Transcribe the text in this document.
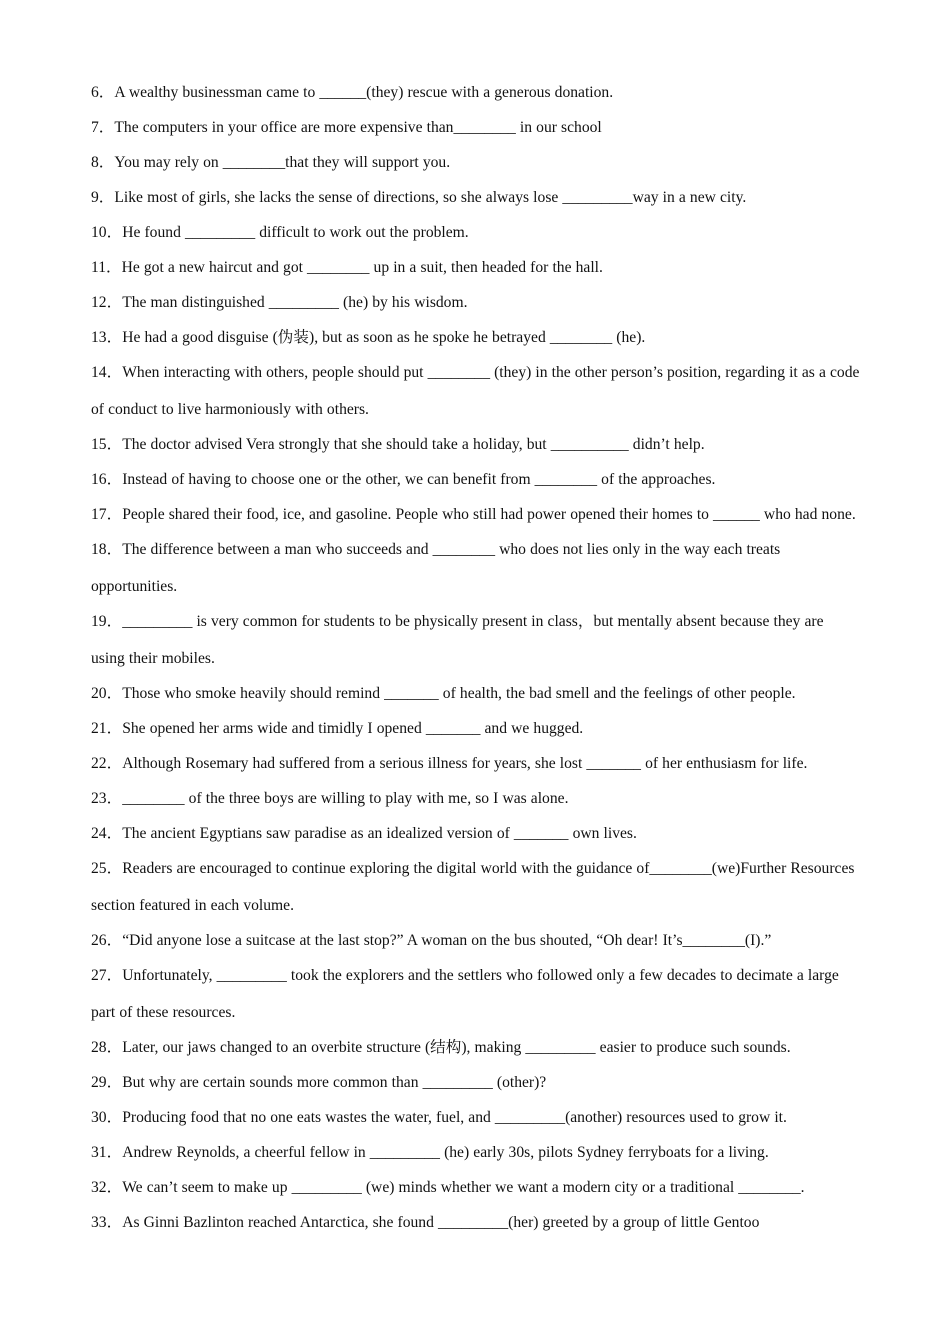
6．A wealthy businessman came to ______(they) rescue with a generous donation.
7．The computers in your office are more expensive than________ in our school
8．You may rely on ________that they will support you.
9．Like most of girls, she lacks the sense of directions, so she always lose _________way in a new city.
10．He found _________ difficult to work out the problem.
11．He got a new haircut and got ________ up in a suit, then headed for the hall.
12．The man distinguished _________ (he) by his wisdom.
13．He had a good disguise (伪装), but as soon as he spoke he betrayed ________ (he).
14．When interacting with others, people should put ________ (they) in the other person’s position, regarding it as a code of conduct to live harmoniously with others.
15．The doctor advised Vera strongly that she should take a holiday, but __________ didn’t help.
16．Instead of having to choose one or the other, we can benefit from ________ of the approaches.
17．People shared their food, ice, and gasoline. People who still had power opened their homes to ______ who had none.
18．The difference between a man who succeeds and ________ who does not lies only in the way each treats opportunities.
19．_________ is very common for students to be physically present in class，but mentally absent because they are using their mobiles.
20．Those who smoke heavily should remind _______ of health, the bad smell and the feelings of other people.
21．She opened her arms wide and timidly I opened _______ and we hugged.
22．Although Rosemary had suffered from a serious illness for years, she lost _______ of her enthusiasm for life.
23．________ of the three boys are willing to play with me, so I was alone.
24．The ancient Egyptians saw paradise as an idealized version of _______ own lives.
25．Readers are encouraged to continue exploring the digital world with the guidance of________(we)Further Resources section featured in each volume.
26．“Did anyone lose a suitcase at the last stop?” A woman on the bus shouted, “Oh dear! It’s________(I).”
27．Unfortunately, _________ took the explorers and the settlers who followed only a few decades to decimate a large part of these resources.
28．Later, our jaws changed to an overbite structure (结构), making _________ easier to produce such sounds.
29．But why are certain sounds more common than _________ (other)?
30．Producing food that no one eats wastes the water, fuel, and _________(another) resources used to grow it.
31．Andrew Reynolds, a cheerful fellow in _________ (he) early 30s, pilots Sydney ferryboats for a living.
32．We can’t seem to make up _________ (we) minds whether we want a modern city or a traditional ________.
33．As Ginni Bazlinton reached Antarctica, she found _________(her) greeted by a group of little Gentoo
